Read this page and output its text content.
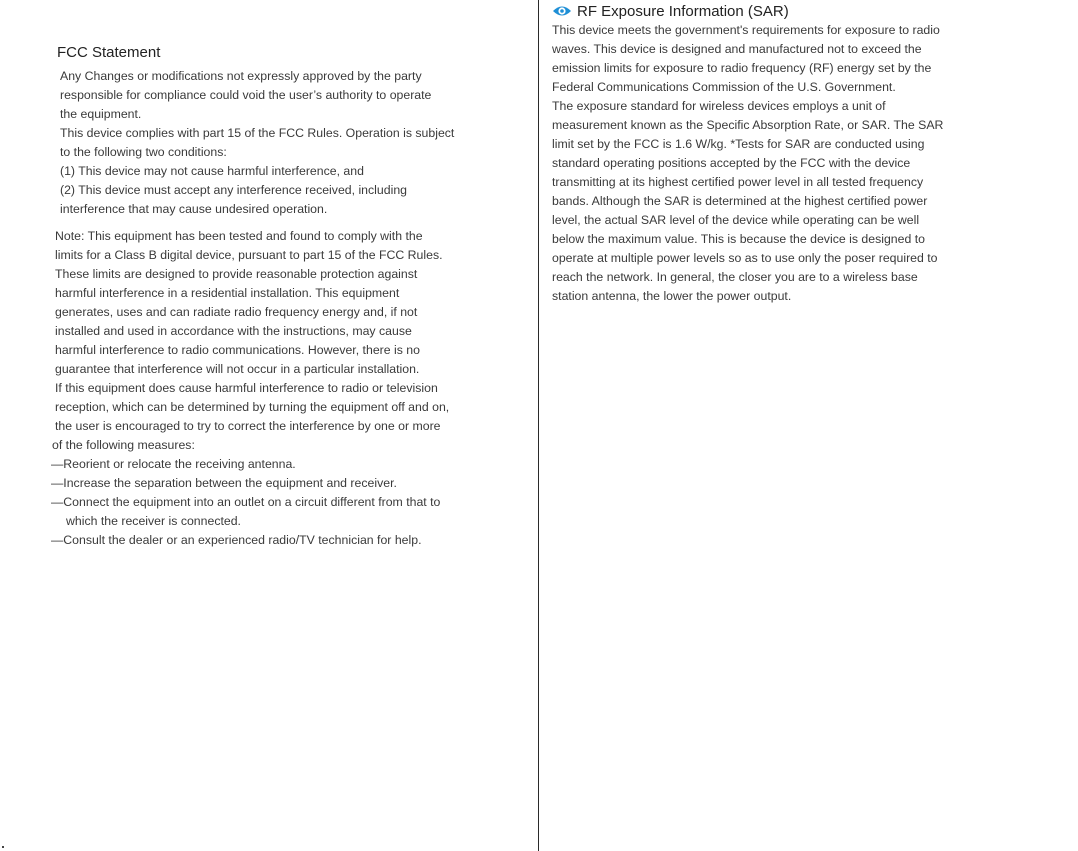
FCC Statement

Any Changes or modifications not expressly approved by the party

responsible for compliance could void the user’s authority to operate

the equipment.

This device complies with part 15 of the FCC Rules. Operation is subject

to the following two conditions:

(1) This device may not cause harmful interference, and

(2) This device must accept any interference received, including

interference that may cause undesired operation.

Note: This equipment has been tested and found to comply with the

limits for a Class B digital device, pursuant to part 15 of the FCC Rules.

These limits are designed to provide reasonable protection against

harmful interference in a residential installation. This equipment

generates, uses and can radiate radio frequency energy and, if not

installed and used in accordance with the instructions, may cause

harmful interference to radio communications. However, there is no

guarantee that interference will not occur in a particular installation.

If this equipment does cause harmful interference to radio or television

reception, which can be determined by turning the equipment off and on,

the user is encouraged to try to correct the interference by one or more

of the following measures:

—Reorient or relocate the receiving antenna.

—Increase the separation between the equipment and receiver.

—Connect the equipment into an outlet on a circuit different from that to

which the receiver is connected.

—Consult the dealer or an experienced radio/TV technician for help.

RF Exposure Information (SAR)

This device meets the government's requirements for exposure to radio

waves. This device is designed and manufactured not to exceed the

emission limits for exposure to radio frequency (RF) energy set by the

Federal Communications Commission of the U.S. Government.

The exposure standard for wireless devices employs a unit of

measurement known as the Specific Absorption Rate, or SAR. The SAR

limit set by the FCC is 1.6 W/kg. *Tests for SAR are conducted using

standard operating positions accepted by the FCC with the device

transmitting at its highest certified power level in all tested frequency

bands. Although the SAR is determined at the highest certified power

level, the actual SAR level of the device while operating can be well

below the maximum value. This is because the device is designed to

operate at multiple power levels so as to use only the poser required to

reach the network. In general, the closer you are to a wireless base

station antenna, the lower the power output.
